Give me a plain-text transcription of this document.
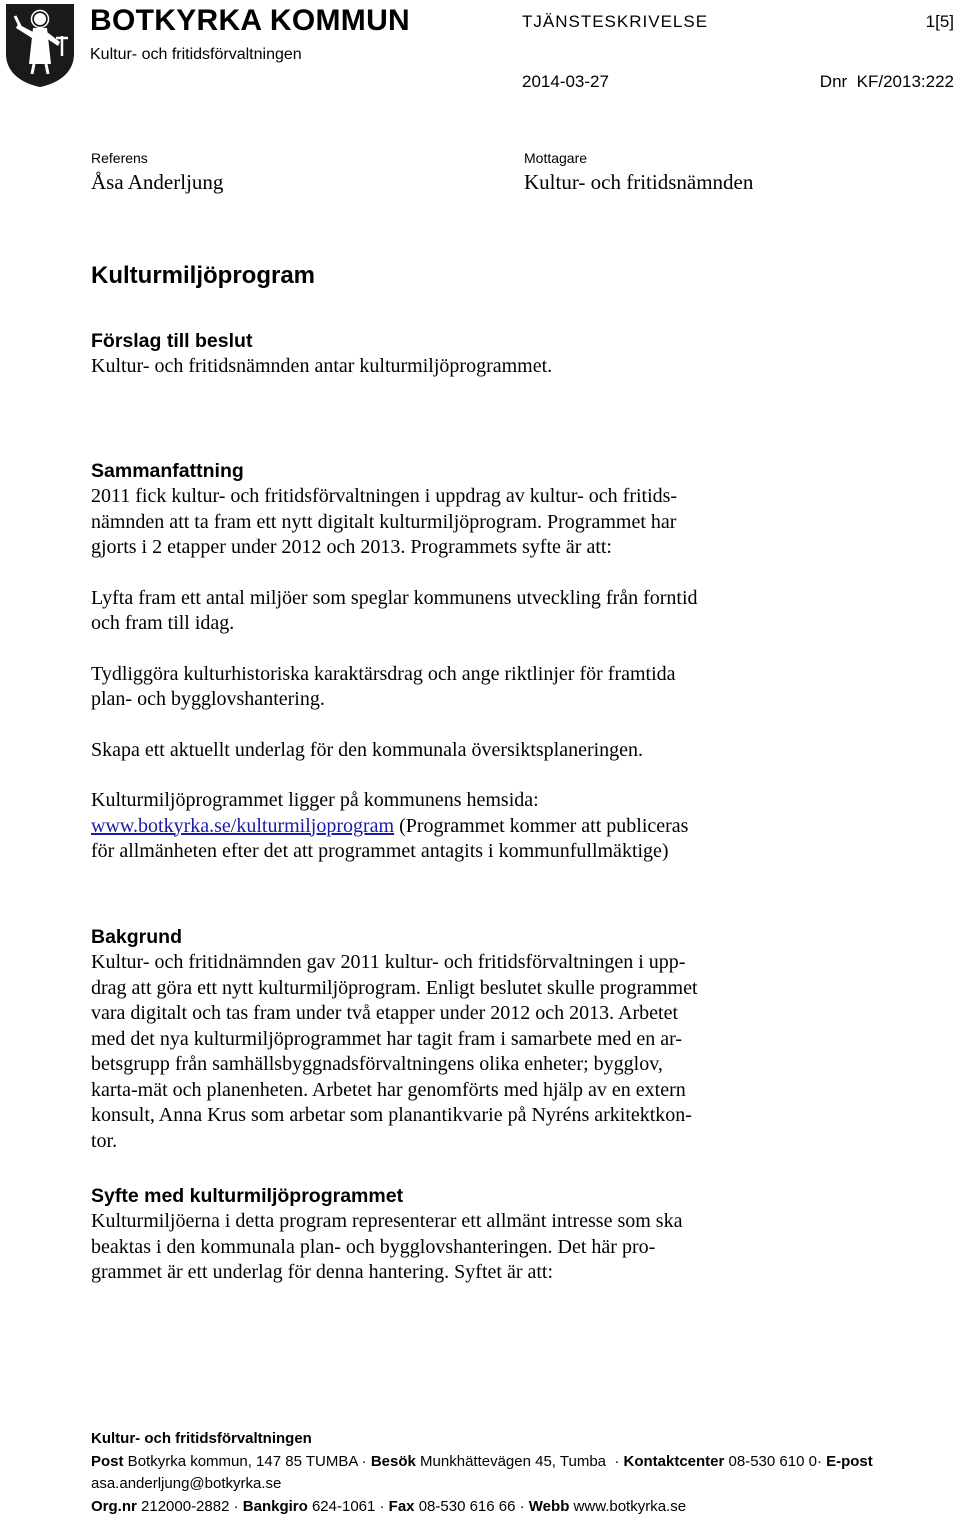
BOTKYRKA KOMMUN
Kultur- och fritidsförvaltningen
TJÄNSTESKRIVELSE	1[5]
2014-03-27	Dnr  KF/2013:222
Referens
Åsa Anderljung
Mottagare
Kultur- och fritidsnämnden
Kulturmiljöprogram

Förslag till beslut

Kultur- och fritidsnämnden antar kulturmiljöprogrammet.

Sammanfattning

2011 fick kultur- och fritidsförvaltningen i uppdrag av kultur- och fritids-

nämnden att ta fram ett nytt digitalt kulturmiljöprogram. Programmet har

gjorts i 2 etapper under 2012 och 2013. Programmets syfte är att:

Lyfta fram ett antal miljöer som speglar kommunens utveckling från forntid
och fram till idag.

Tydliggöra kulturhistoriska karaktärsdrag och ange riktlinjer för framtida
plan- och bygglovshantering.

Skapa ett aktuellt underlag för den kommunala översiktsplaneringen.

Kulturmiljöprogrammet ligger på kommunens hemsida:
www.botkyrka.se/kulturmiljoprogram (Programmet kommer att publiceras
för allmänheten efter det att programmet antagits i kommunfullmäktige)

Bakgrund

Kultur- och fritidnämnden gav 2011 kultur- och fritidsförvaltningen i upp-

drag att göra ett nytt kulturmiljöprogram. Enligt beslutet skulle programmet

vara digitalt och tas fram under två etapper under 2012 och 2013. Arbetet

med det nya kulturmiljöprogrammet har tagit fram i samarbete med en ar-

betsgrupp från samhällsbyggnadsförvaltningens olika enheter; bygglov,

karta-mät och planenheten. Arbetet har genomförts med hjälp av en extern

konsult, Anna Krus som arbetar som planantikvarie på Nyréns arkitektkon-

tor.

Syfte med kulturmiljöprogrammet

Kulturmiljöerna i detta program representerar ett allmänt intresse som ska

beaktas i den kommunala plan- och bygglovshanteringen. Det här pro-

grammet är ett underlag för denna hantering. Syftet är att:

Kultur- och fritidsförvaltningen
Post Botkyrka kommun, 147 85 TUMBA · Besök Munkhättevägen 45, Tumba  · Kontaktcenter 08-530 610 0· E-post
asa.anderljung@botkyrka.se
Org.nr 212000-2882 · Bankgiro 624-1061 · Fax 08-530 616 66 · Webb www.botkyrka.se
